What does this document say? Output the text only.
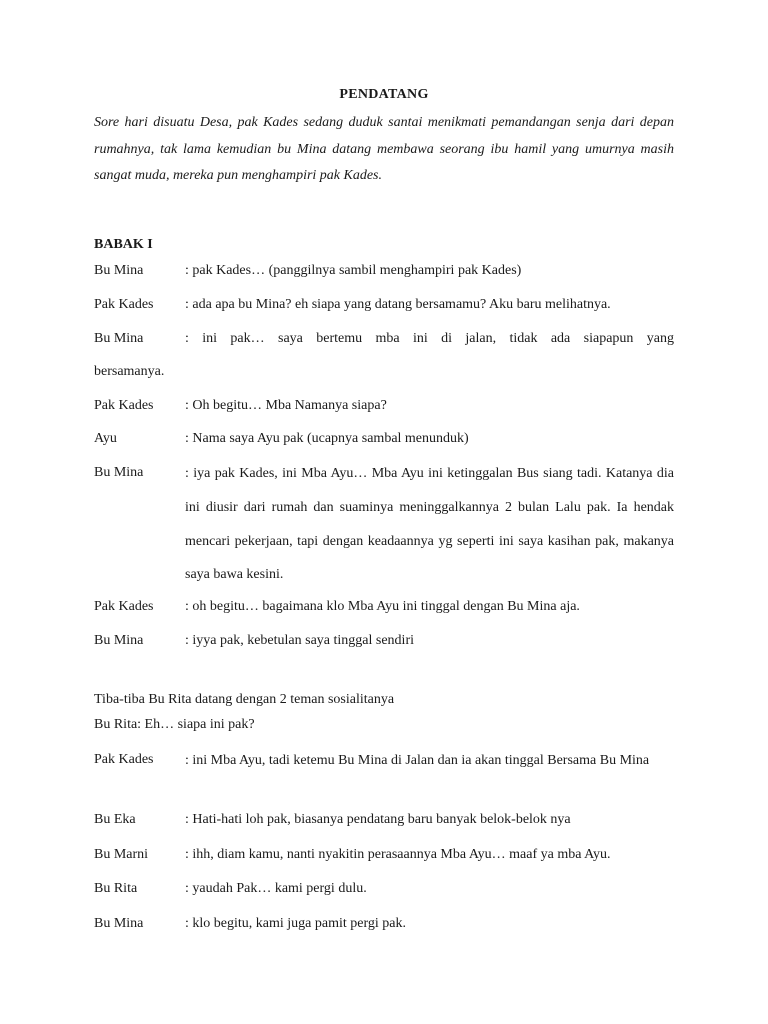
PENDATANG
Sore hari disuatu Desa, pak Kades sedang duduk santai menikmati pemandangan senja dari depan rumahnya, tak lama kemudian bu Mina datang membawa seorang ibu hamil yang umurnya masih sangat muda, mereka pun menghampiri pak Kades.
BABAK I
Bu Mina	: pak Kades… (panggilnya sambil menghampiri pak Kades)
Pak Kades	: ada apa bu Mina? eh siapa yang datang bersamamu? Aku baru melihatnya.
Bu Mina	: ini pak… saya bertemu mba ini di jalan, tidak ada siapapun yang
bersamanya.
Pak Kades	: Oh begitu… Mba Namanya siapa?
Ayu	: Nama saya Ayu pak (ucapnya sambal menunduk)
Bu Mina	: iya pak Kades, ini Mba Ayu… Mba Ayu ini ketinggalan Bus siang tadi. Katanya dia ini diusir dari rumah dan suaminya meninggalkannya 2 bulan Lalu pak. Ia hendak mencari pekerjaan, tapi dengan keadaannya yg seperti ini saya kasihan pak, makanya saya bawa kesini.
Pak Kades	: oh begitu… bagaimana klo Mba Ayu ini tinggal dengan Bu Mina aja.
Bu Mina	: iyya pak, kebetulan saya tinggal sendiri
Tiba-tiba Bu Rita datang dengan 2 teman sosialitanya
Bu Rita: Eh… siapa ini pak?
Pak Kades	: ini Mba Ayu, tadi ketemu Bu Mina di Jalan dan ia akan tinggal Bersama Bu Mina
Bu Eka	: Hati-hati loh pak, biasanya pendatang baru banyak belok-belok nya
Bu Marni	: ihh, diam kamu, nanti nyakitin perasaannya Mba Ayu… maaf ya mba Ayu.
Bu Rita	: yaudah Pak… kami pergi dulu.
Bu Mina	: klo begitu, kami juga pamit pergi pak.
